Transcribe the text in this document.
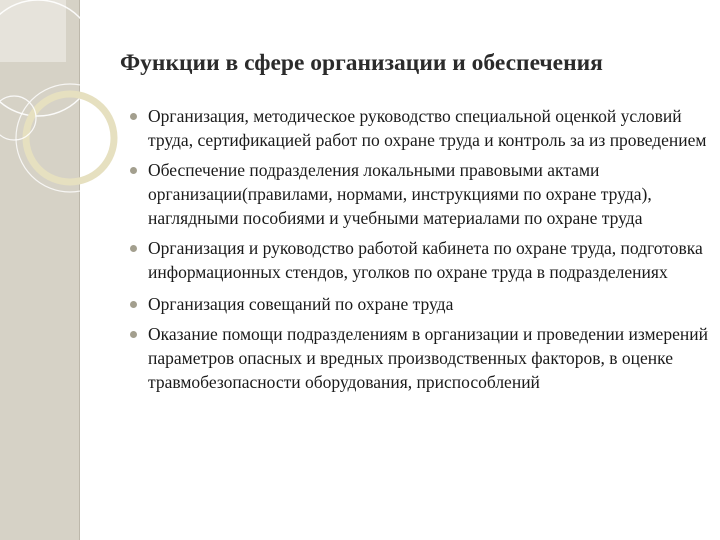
Функции в сфере организации и обеспечения
Организация, методическое руководство специальной оценкой условий труда, сертификацией работ по охране труда и контроль за из проведением
Обеспечение подразделения локальными правовыми актами организации(правилами, нормами, инструкциями по охране труда), наглядными пособиями и учебными материалами по охране труда
Организация и руководство работой кабинета по охране труда, подготовка информационных стендов, уголков по охране труда в подразделениях
Организация совещаний по охране труда
Оказание помощи подразделениям в организации и проведении измерений параметров опасных и вредных производственных факторов, в оценке травмобезопасности оборудования, приспособлений
